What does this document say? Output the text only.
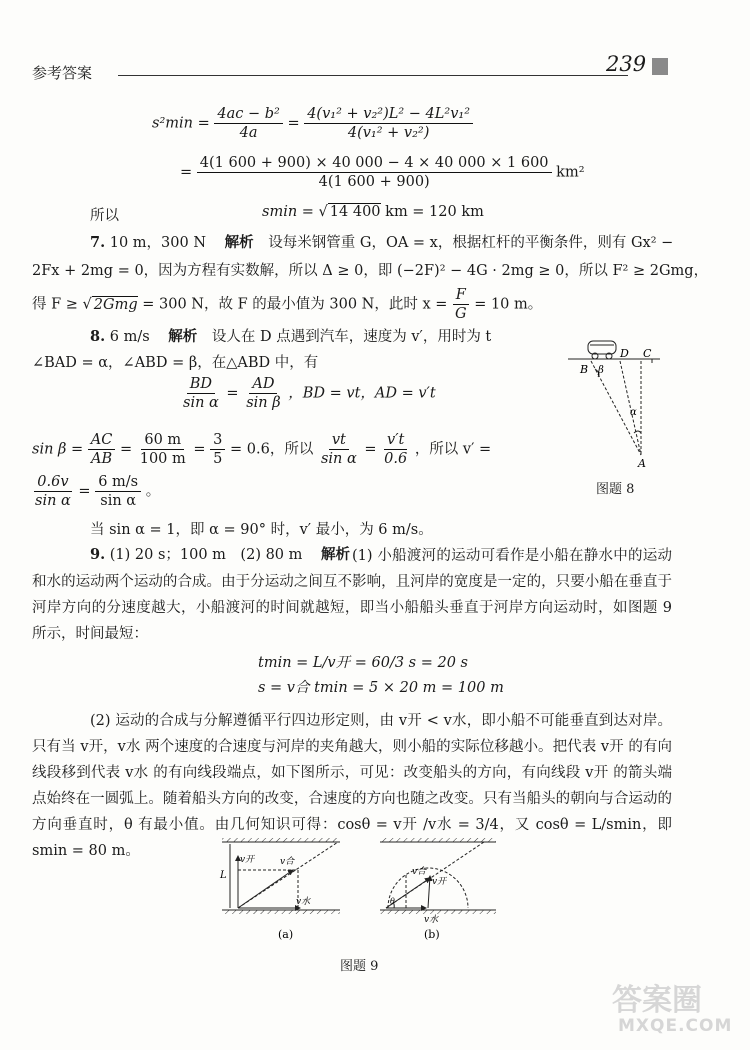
参考答案	239
$s^2\min = \frac{\text{4ac − b²}}{4a} = \frac{\text{4(v₁² + v₂²)L² − 4L²v₁²}}{\text{4(v₁² + v₂²)}}$
= $\frac{4(1 600 + 900) \times 40 000 - 4 \times 40 000 \times 1 600}{4(1 600 + 900)} km^2$
所以	smin = √ 14 400 km = 120 km
7. 10 m，300 N 解析 设每米钢管重 G，OA = x，根据杠杆的平衡条件，则有 Gx² −
2Fx + 2mg = 0，因为方程有实数解，所以 Δ ≥ 0，即 (−2F)² − 4G · 2mg ≥ 0，所以 F² ≥ 2Gmg，
得 F ≥ √ 2Gmg = 300 N，故 F 的最小值为 300 N，此时 $x = \frac{F}{G} = 10$ m。
8. 6 m/s 解析 设人在 D 点遇到汽车，速度为 v′，用时为 t
∠BAD = α，∠ABD = β，在△ABD 中，有
$\frac{BD}{\text{sin α}} = \frac{AD}{\text{sin β}}$ ，BD = vt，AD = v′t
$\sin \beta = \frac{AC}{AB} = \frac{60 m}{100 m} = \frac{3}{5} = 0.6$，所以 $\frac{vt}{\text{sin α}} = \frac{v't}{0.6}$ ，所以 v′ =
$\frac{0.6v}{\text{sin α}} = \frac{6 m/s}{\text{sin α}}$ 。
当 sin α = 1，即 α = 90° 时，v′ 最小，为 6 m/s。
B β
D C
α
A
图题 8
9. (1) 20 s；100 m　(2) 80 m 解析 (1) 小船渡河的运动可看作是小船在静水中的运动和水的运动两个运动的合成。由于分运动之间互不影响，且河岸的宽度是一定的，只要小船在垂直于河岸方向的分速度越大，小船渡河的时间就越短，即当小船船头垂直于河岸方向运动时，如图题 9 所示，时间最短：
tmin = L/v开 = 60/3 s = 20 s
s = v合 tmin = 5 × 20 m = 100 m
(2) 运动的合成与分解遵循平行四边形定则，由 v开 < v水，即小船不可能垂直到达对岸。只有当 v开，v水 两个速度的合速度与河岸的夹角越大，则小船的实际位移越小。把代表 v开 的有向线段移到代表 v水 的有向线段端点，如下图所示，可见：改变船头的方向，有向线段 v开 的箭头端点始终在一圆弧上。随着船头方向的改变，合速度的方向也随之改变。只有当船头的朝向与合运动的方向垂直时，θ 有最小值。由几何知识可得：cosθ = v开 /v水 = 3/4，又 cosθ = L/smin，即 smin = 80 m。
v开	v合
L
v水
(a)
v合
v开
θ
v水
(b)
图题 9
答案圈
MXQE.COM
